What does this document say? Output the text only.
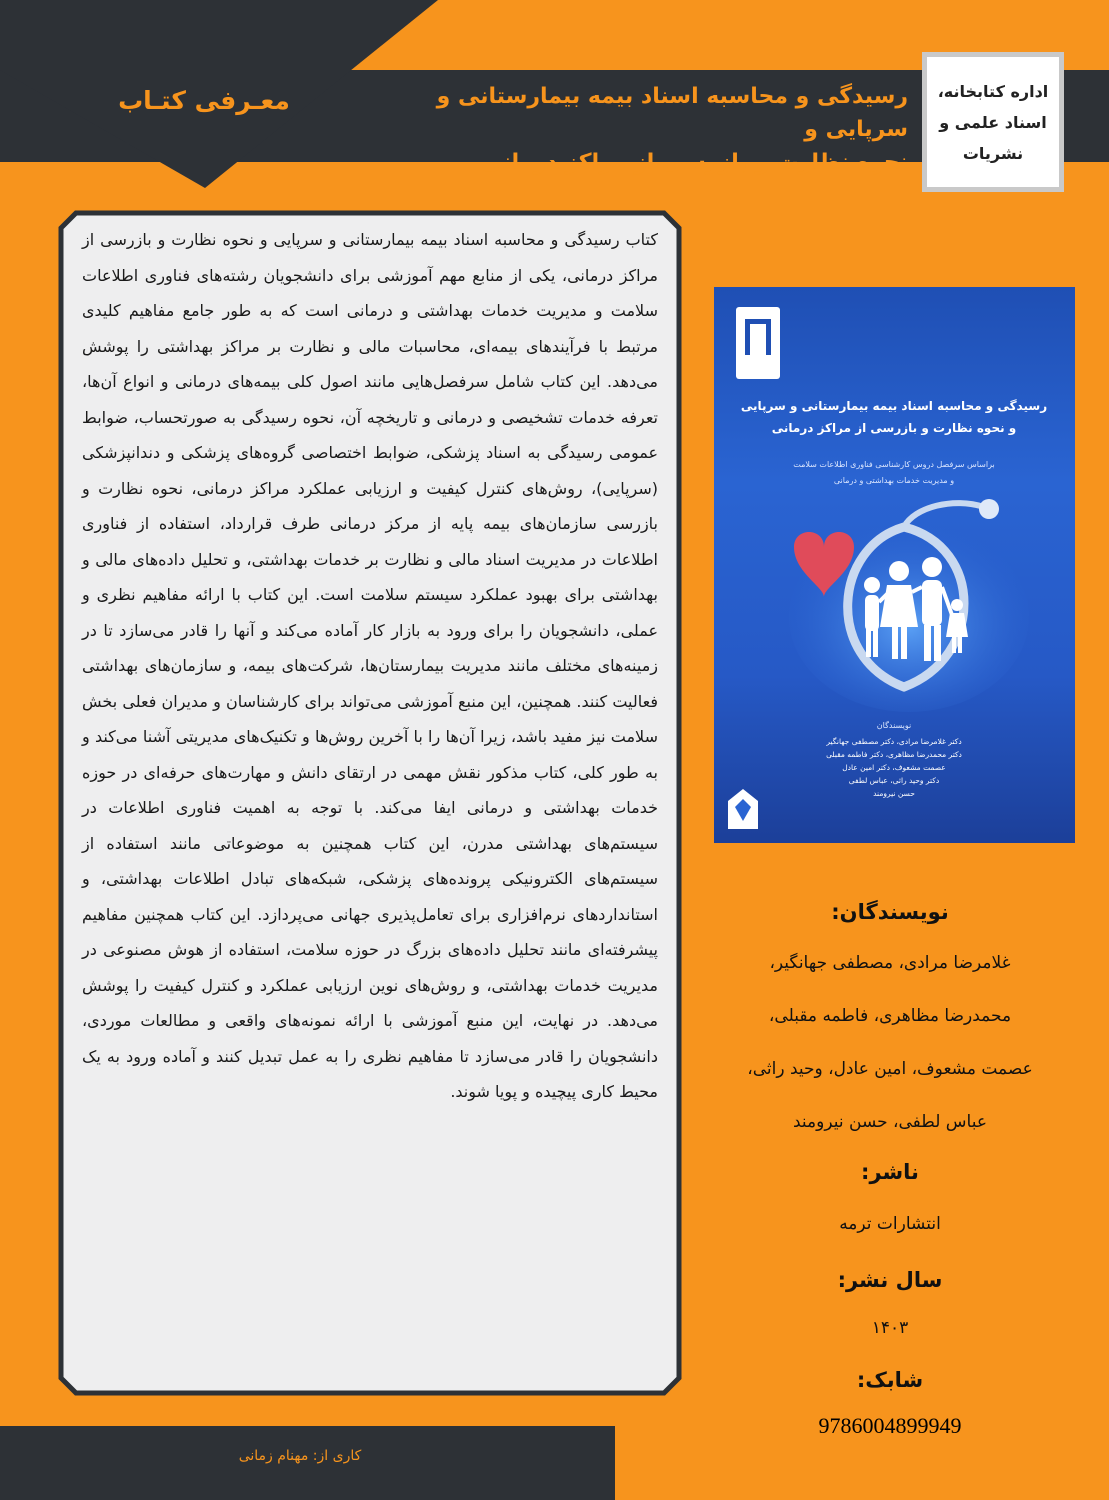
معـرفی کتـاب	رسیدگی و محاسبه اسناد بیمه بیمارستانی و سرپایی و
نحوه نظارت و بازرسی از مراکز درمانی
اداره کتابخانه،
اسناد علمی و
نشریات
کتاب رسیدگی و محاسبه اسناد بیمه بیمارستانی و سرپایی و نحوه نظارت و بازرسی از مراکز درمانی، یکی از منابع مهم آموزشی برای دانشجویان رشته‌های فناوری اطلاعات سلامت و مدیریت خدمات بهداشتی و درمانی است که به طور جامع مفاهیم کلیدی مرتبط با فرآیندهای بیمه‌ای، محاسبات مالی و نظارت بر مراکز بهداشتی را پوشش می‌دهد. این کتاب شامل سرفصل‌هایی مانند اصول کلی بیمه‌های درمانی و انواع آن‌ها، تعرفه خدمات تشخیصی و درمانی و تاریخچه آن، نحوه رسیدگی به صورتحساب، ضوابط عمومی رسیدگی به اسناد پزشکی، ضوابط اختصاصی گروه‌های پزشکی و دندانپزشکی (سرپایی)، روش‌های کنترل کیفیت و ارزیابی عملکرد مراکز درمانی، نحوه نظارت و بازرسی سازمان‌های بیمه پایه از مرکز درمانی طرف قرارداد، استفاده از فناوری اطلاعات در مدیریت اسناد مالی و نظارت بر خدمات بهداشتی، و تحلیل داده‌های مالی و بهداشتی برای بهبود عملکرد سیستم سلامت است. این کتاب با ارائه مفاهیم نظری و عملی، دانشجویان را برای ورود به بازار کار آماده می‌کند و آنها را قادر می‌سازد تا در زمینه‌های مختلف مانند مدیریت بیمارستان‌ها، شرکت‌های بیمه، و سازمان‌های بهداشتی فعالیت کنند. همچنین، این منبع آموزشی می‌تواند برای کارشناسان و مدیران فعلی بخش سلامت نیز مفید باشد، زیرا آن‌ها را با آخرین روش‌ها و تکنیک‌های مدیریتی آشنا می‌کند و به طور کلی، کتاب مذکور نقش مهمی در ارتقای دانش و مهارت‌های حرفه‌ای در حوزه خدمات بهداشتی و درمانی ایفا می‌کند. با توجه به اهمیت فناوری اطلاعات در سیستم‌های بهداشتی مدرن، این کتاب همچنین به موضوعاتی مانند استفاده از سیستم‌های الکترونیکی پرونده‌های پزشکی، شبکه‌های تبادل اطلاعات بهداشتی، و استانداردهای نرم‌افزاری برای تعامل‌پذیری جهانی می‌پردازد. این کتاب همچنین مفاهیم پیشرفته‌ای مانند تحلیل داده‌های بزرگ در حوزه سلامت، استفاده از هوش مصنوعی در مدیریت خدمات بهداشتی، و روش‌های نوین ارزیابی عملکرد و کنترل کیفیت را پوشش می‌دهد. در نهایت، این منبع آموزشی با ارائه نمونه‌های واقعی و مطالعات موردی، دانشجویان را قادر می‌سازد تا مفاهیم نظری را به عمل تبدیل کنند و آماده ورود به یک محیط کاری پیچیده و پویا شوند.
رسیدگی و محاسبه اسناد بیمه بیمارستانی و سرپایی
و نحوه نظارت و بازرسی از مراکز درمانی
براساس سرفصل دروس کارشناسی فناوری اطلاعات سلامت
و مدیریت خدمات بهداشتی و درمانی
نویسندگان
دکتر غلامرضا مرادی، دکتر مصطفی جهانگیر
دکتر محمدرضا مظاهری، دکتر فاطمه مقبلی
عصمت مشعوف، دکتر امین عادل
دکتر وحید راثی، عباس لطفی
حسن نیرومند
نویسندگان:
غلامرضا مرادی، مصطفی جهانگیر،
محمدرضا مظاهری، فاطمه مقبلی،
عصمت مشعوف، امین عادل، وحید راثی،
عباس لطفی، حسن نیرومند
ناشر:
انتشارات ترمه
سال نشر:
۱۴۰۳
شابک:
9786004899949
کاری از: مهنام زمانی
